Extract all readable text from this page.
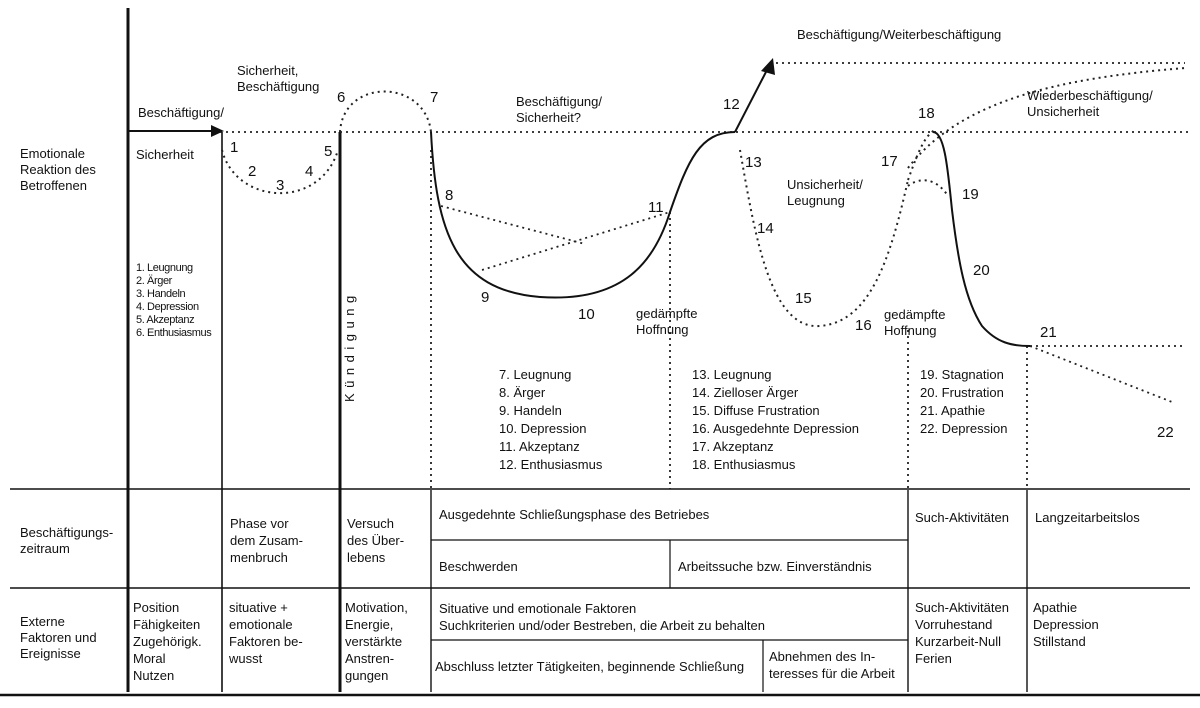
Emotionale
Reaktion des
Betroffenen
Beschäftigungs-
zeitraum
Externe
Faktoren und
Ereignisse
Beschäftigung/
Sicherheit
Sicherheit,
Beschäftigung
Beschäftigung/
Sicherheit?
Beschäftigung/Weiterbeschäftigung
Unsicherheit/
Leugnung
Wiederbeschäftigung/
Unsicherheit
gedämpfte
Hoffnung
gedämpfte
Hoffnung
Kündigung
1
2
3
4
5
6	7
8
9
10
11
12
13
14
15
16
17
18
19
20
21
22
1. Leugnung
2. Ärger
3. Handeln
4. Depression
5. Akzeptanz
6. Enthusiasmus
7. Leugnung
8. Ärger
9. Handeln
10. Depression
11. Akzeptanz
12. Enthusiasmus
13. Leugnung
14. Zielloser Ärger
15. Diffuse Frustration
16. Ausgedehnte Depression
17. Akzeptanz
18. Enthusiasmus
19. Stagnation
20. Frustration
21. Apathie
22. Depression
Phase vor
dem Zusam-
menbruch
Versuch
des Über-
lebens
Ausgedehnte Schließungsphase des Betriebes
Beschwerden	Arbeitssuche bzw. Einverständnis
Such-Aktivitäten Langzeitarbeitslos
Position
Fähigkeiten
Zugehörigk.
Moral
Nutzen
situative +
emotionale
Faktoren be-
wusst
Motivation,
Energie,
verstärkte
Anstren-
gungen
Situative und emotionale Faktoren
Suchkriterien und/oder Bestreben, die Arbeit zu behalten
Abschluss letzter Tätigkeiten, beginnende Schließung
Abnehmen des In-
teresses für die Arbeit
Such-Aktivitäten
Vorruhestand
Kurzarbeit-Null
Ferien
Apathie
Depression
Stillstand
